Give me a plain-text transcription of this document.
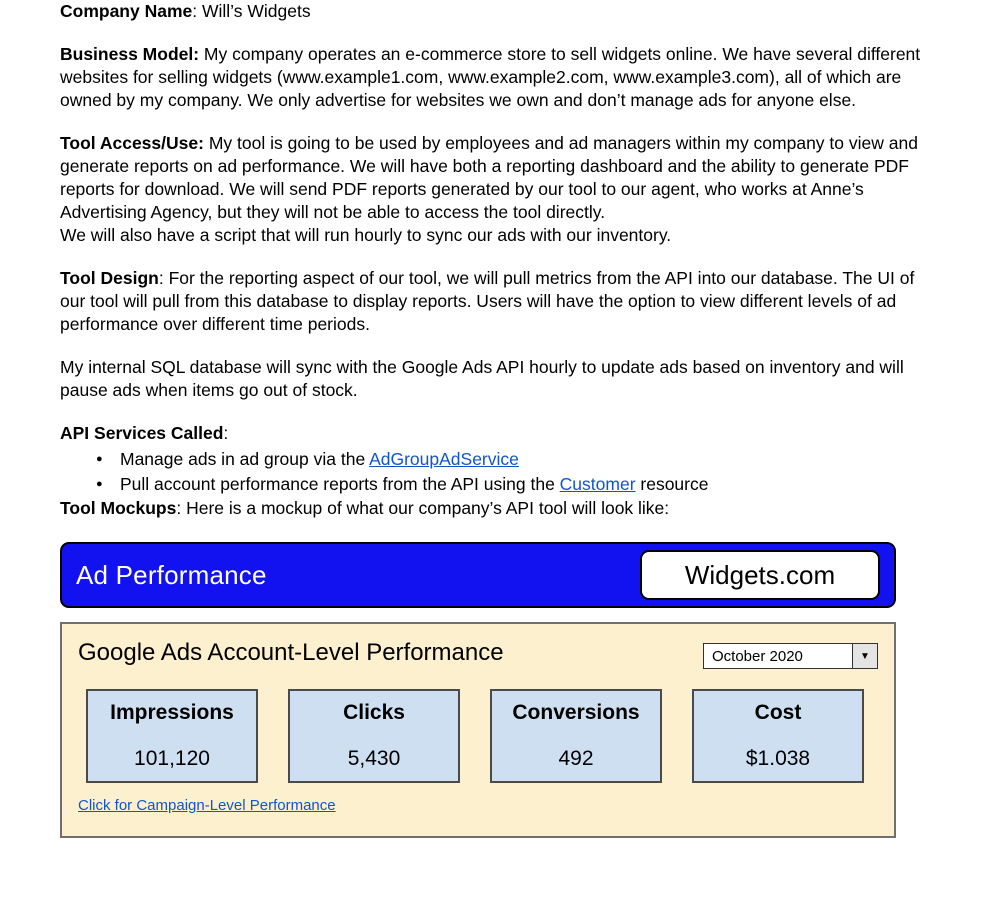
Company Name: Will’s Widgets

Business Model: My company operates an e-commerce store to sell widgets online. We have several different websites for selling widgets (www.example1.com, www.example2.com, www.example3.com), all of which are owned by my company. We only advertise for websites we own and don’t manage ads for anyone else.

Tool Access/Use: My tool is going to be used by employees and ad managers within my company to view and generate reports on ad performance. We will have both a reporting dashboard and the ability to generate PDF reports for download. We will send PDF reports generated by our tool to our agent, who works at Anne’s Advertising Agency, but they will not be able to access the tool directly.
We will also have a script that will run hourly to sync our ads with our inventory.

Tool Design: For the reporting aspect of our tool, we will pull metrics from the API into our database. The UI of our tool will pull from this database to display reports. Users will have the option to view different levels of ad performance over different time periods.

My internal SQL database will sync with the Google Ads API hourly to update ads based on inventory and will pause ads when items go out of stock.

API Services Called:

● Manage ads in ad group via the AdGroupAdService
● Pull account performance reports from the API using the Customer resource

Tool Mockups: Here is a mockup of what our company’s API tool will look like:

Ad Performance	Widgets.com
Google Ads Account-Level Performance	October 2020	▼
Impressions
101,120
Clicks
5,430
Conversions
492
Cost
$1.038
Click for Campaign-Level Performance
